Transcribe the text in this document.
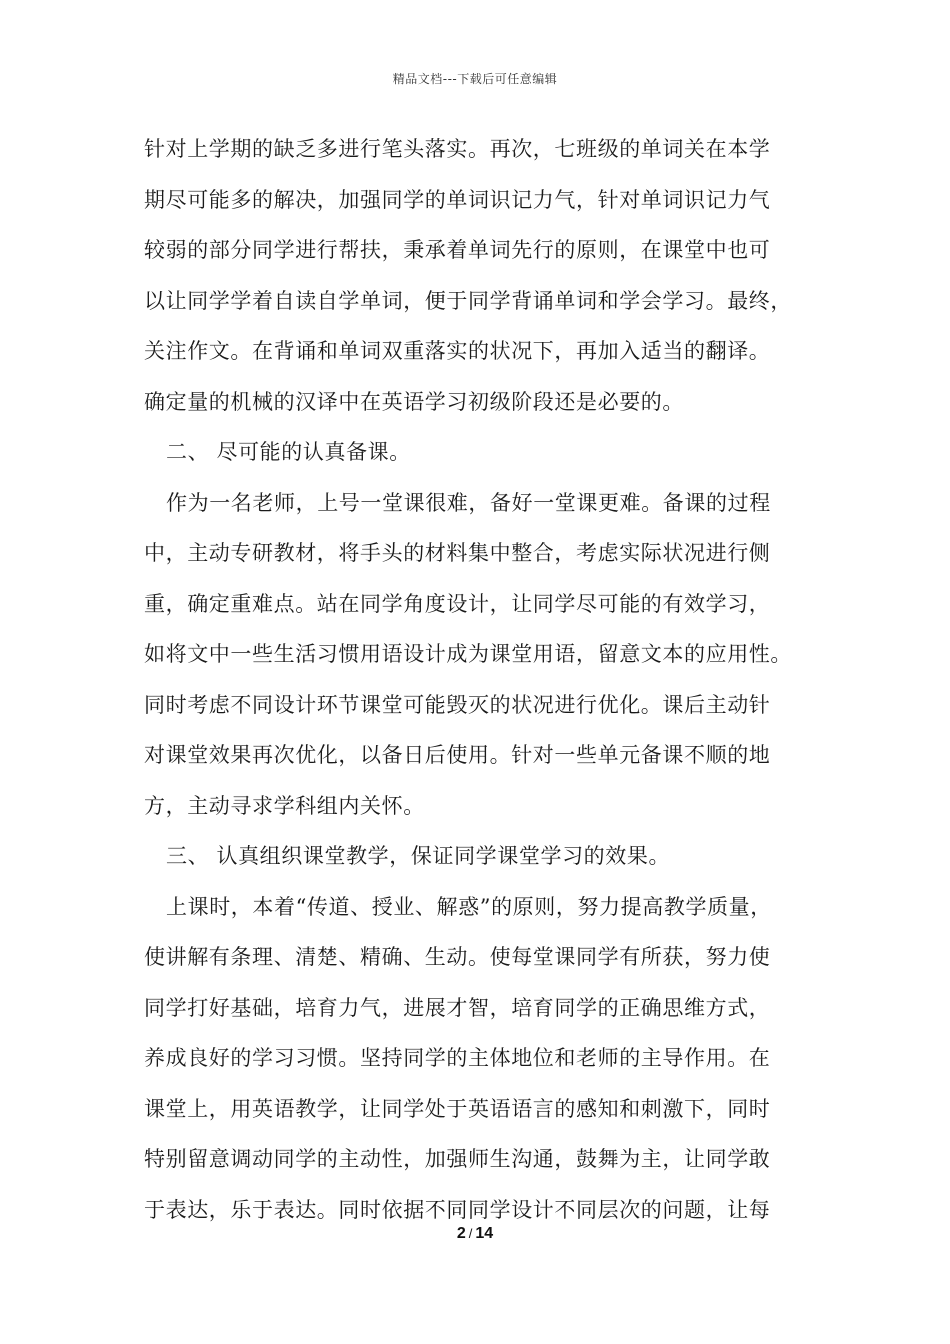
精品文档---下载后可任意编辑
针对上学期的缺乏多进行笔头落实。再次，七班级的单词关在本学
期尽可能多的解决，加强同学的单词识记力气，针对单词识记力气
较弱的部分同学进行帮扶，秉承着单词先行的原则，在课堂中也可
以让同学学着自读自学单词，便于同学背诵单词和学会学习。最终，
关注作文。在背诵和单词双重落实的状况下，再加入适当的翻译。
确定量的机械的汉译中在英语学习初级阶段还是必要的。
二、 尽可能的认真备课。
作为一名老师，上号一堂课很难，备好一堂课更难。备课的过程
中，主动专研教材，将手头的材料集中整合，考虑实际状况进行侧
重，确定重难点。站在同学角度设计，让同学尽可能的有效学习，
如将文中一些生活习惯用语设计成为课堂用语，留意文本的应用性。
同时考虑不同设计环节课堂可能毁灭的状况进行优化。课后主动针
对课堂效果再次优化，以备日后使用。针对一些单元备课不顺的地
方，主动寻求学科组内关怀。
三、 认真组织课堂教学，保证同学课堂学习的效果。
上课时，本着“传道、授业、解惑”的原则，努力提高教学质量，
使讲解有条理、清楚、精确、生动。使每堂课同学有所获，努力使
同学打好基础，培育力气，进展才智，培育同学的正确思维方式，
养成良好的学习习惯。坚持同学的主体地位和老师的主导作用。在
课堂上，用英语教学，让同学处于英语语言的感知和刺激下，同时
特别留意调动同学的主动性，加强师生沟通，鼓舞为主，让同学敢
于表达，乐于表达。同时依据不同同学设计不同层次的问题，让每
2 / 14
